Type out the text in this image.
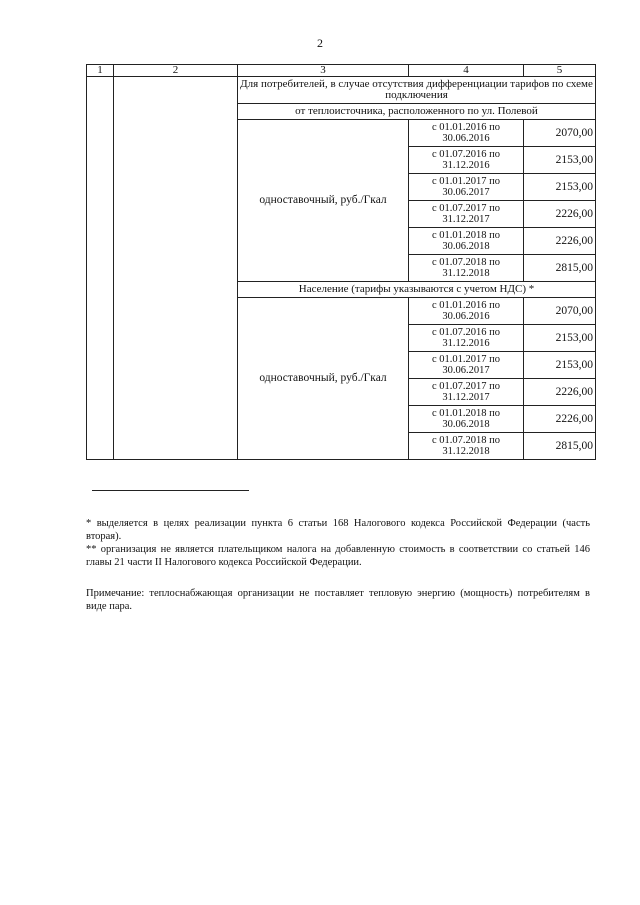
2
1	2	3	4	5
		Для потребителей, в случае отсутствия дифференциации тарифов по схеме подключения		
		от теплоисточника, расположенного по ул. Полевой		
		одноставочный, руб./Гкал	с 01.01.2016 по 30.06.2016	2070,00
			с 01.07.2016 по 31.12.2016	2153,00
			с 01.01.2017 по 30.06.2017	2153,00
			с 01.07.2017 по 31.12.2017	2226,00
			с 01.01.2018 по 30.06.2018	2226,00
			с 01.07.2018 по 31.12.2018	2815,00
		Население (тарифы указываются с учетом НДС) *		
		одноставочный, руб./Гкал	с 01.01.2016 по 30.06.2016	2070,00
			с 01.07.2016 по 31.12.2016	2153,00
			с 01.01.2017 по 30.06.2017	2153,00
			с 01.07.2017 по 31.12.2017	2226,00
			с 01.01.2018 по 30.06.2018	2226,00
			с 01.07.2018 по 31.12.2018	2815,00

* выделяется в целях реализации пункта 6 статьи 168 Налогового кодекса Российской Федерации (часть вторая).

** организация не является плательщиком налога на добавленную стоимость в соответствии со статьей 146 главы 21 части II Налогового кодекса Российской Федерации.

Примечание: теплоснабжающая организации не поставляет тепловую энергию (мощность) потребителям в виде пара.
